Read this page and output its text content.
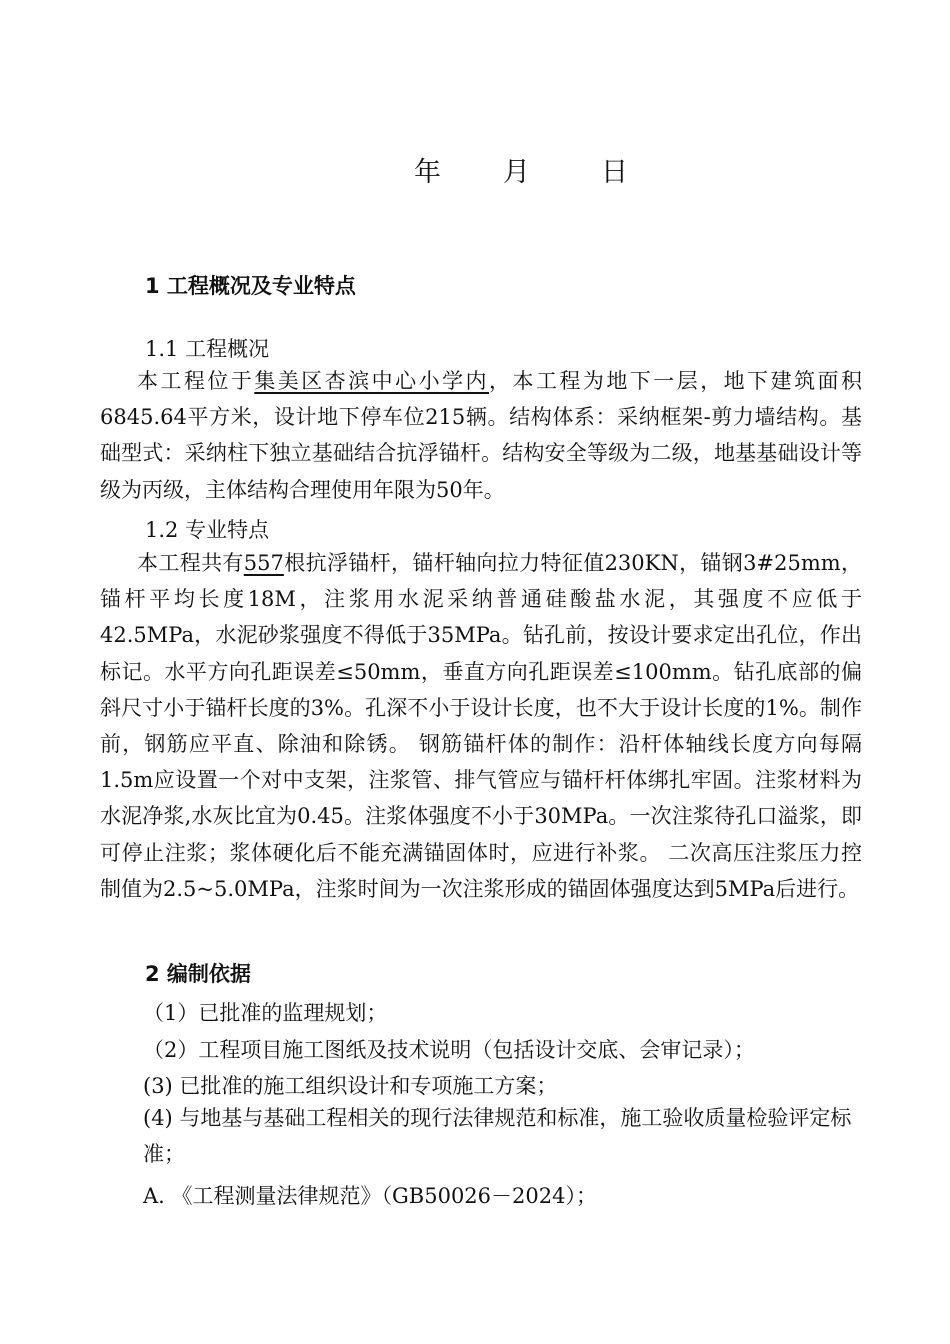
年 月	日
1 工程概况及专业特点
1.1 工程概况

本工程位于集美区杏滨中心小学内，本工程为地下一层，地下建筑面积6845.64平方米，设计地下停车位215辆。结构体系：采纳框架-剪力墙结构。基础型式：采纳柱下独立基础结合抗浮锚杆。结构安全等级为二级，地基基础设计等级为丙级，主体结构合理使用年限为50年。

1.2 专业特点

本工程共有557根抗浮锚杆，锚杆轴向拉力特征值230KN，锚钢3#25mm，锚杆平均长度18M，注浆用水泥采纳普通硅酸盐水泥，其强度不应低于42.5MPa，水泥砂浆强度不得低于35MPa。钻孔前，按设计要求定出孔位，作出标记。水平方向孔距误差≤50mm，垂直方向孔距误差≤100mm。钻孔底部的偏斜尺寸小于锚杆长度的3%。孔深不小于设计长度，也不大于设计长度的1%。制作前，钢筋应平直、除油和除锈。 钢筋锚杆体的制作：沿杆体轴线长度方向每隔1.5m应设置一个对中支架，注浆管、排气管应与锚杆杆体绑扎牢固。注浆材料为水泥净浆,水灰比宜为0.45。注浆体强度不小于30MPa。一次注浆待孔口溢浆，即可停止注浆；浆体硬化后不能充满锚固体时，应进行补浆。 二次高压注浆压力控制值为2.5~5.0MPa，注浆时间为一次注浆形成的锚固体强度达到5MPa后进行。

2 编制依据
（1）已批准的监理规划；
（2）工程项目施工图纸及技术说明（包括设计交底、会审记录）；
(3) 已批准的施工组织设计和专项施工方案；
(4) 与地基与基础工程相关的现行法律规范和标准，施工验收质量检验评定标准；
A. 《工程测量法律规范》（GB50026－2024）；
